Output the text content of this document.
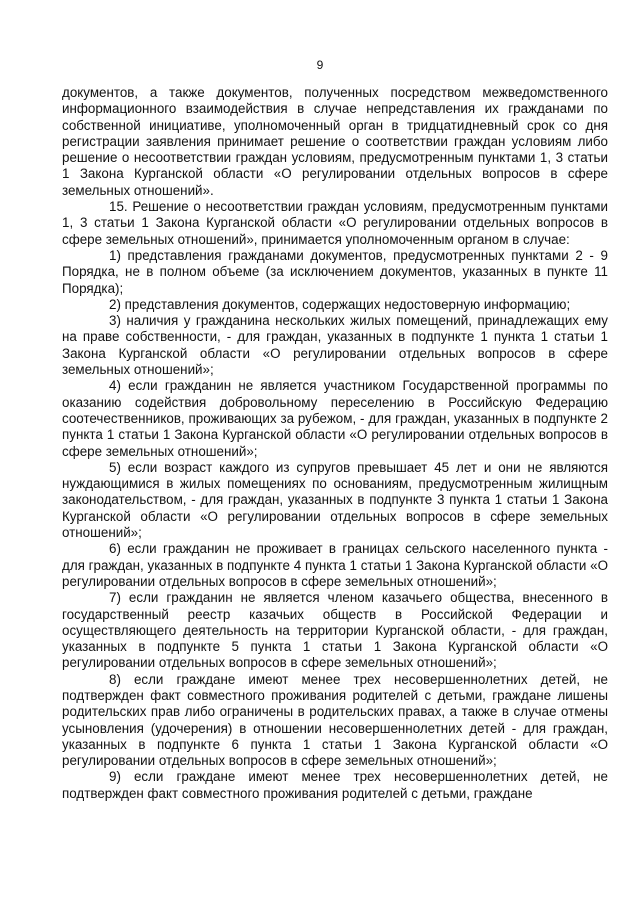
9

документов, а также документов, полученных посредством межведомственного информационного взаимодействия в случае непредставления их гражданами по собственной инициативе, уполномоченный орган в тридцатидневный срок со дня регистрации заявления принимает решение о соответствии граждан условиям либо решение о несоответствии граждан условиям, предусмотренным пунктами 1, 3 статьи 1 Закона Курганской области «О регулировании отдельных вопросов в сфере земельных отношений».

15. Решение о несоответствии граждан условиям, предусмотренным пунктами 1, 3 статьи 1 Закона Курганской области «О регулировании отдельных вопросов в сфере земельных отношений», принимается уполномоченным органом в случае:

1) представления гражданами документов, предусмотренных пунктами 2 - 9 Порядка, не в полном объеме (за исключением документов, указанных в пункте 11 Порядка);

2) представления документов, содержащих недостоверную информацию;

3) наличия у гражданина нескольких жилых помещений, принадлежащих ему на праве собственности, - для граждан, указанных в подпункте 1 пункта 1 статьи 1 Закона Курганской области «О регулировании отдельных вопросов в сфере земельных отношений»;

4) если гражданин не является участником Государственной программы по оказанию содействия добровольному переселению в Российскую Федерацию соотечественников, проживающих за рубежом, - для граждан, указанных в подпункте 2 пункта 1 статьи 1 Закона Курганской области «О регулировании отдельных вопросов в сфере земельных отношений»;

5) если возраст каждого из супругов превышает 45 лет и они не являются нуждающимися в жилых помещениях по основаниям, предусмотренным жилищным законодательством, - для граждан, указанных в подпункте 3 пункта 1 статьи 1 Закона Курганской области «О регулировании отдельных вопросов в сфере земельных отношений»;

6) если гражданин не проживает в границах сельского населенного пункта - для граждан, указанных в подпункте 4 пункта 1 статьи 1 Закона Курганской области «О регулировании отдельных вопросов в сфере земельных отношений»;

7) если гражданин не является членом казачьего общества, внесенного в государственный реестр казачьих обществ в Российской Федерации и осуществляющего деятельность на территории Курганской области, - для граждан, указанных в подпункте 5 пункта 1 статьи 1 Закона Курганской области «О регулировании отдельных вопросов в сфере земельных отношений»;

8) если граждане имеют менее трех несовершеннолетних детей, не подтвержден факт совместного проживания родителей с детьми, граждане лишены родительских прав либо ограничены в родительских правах, а также в случае отмены усыновления (удочерения) в отношении несовершеннолетних детей - для граждан, указанных в подпункте 6 пункта 1 статьи 1 Закона Курганской области «О регулировании отдельных вопросов в сфере земельных отношений»;

9) если граждане имеют менее трех несовершеннолетних детей, не подтвержден факт совместного проживания родителей с детьми, граждане
